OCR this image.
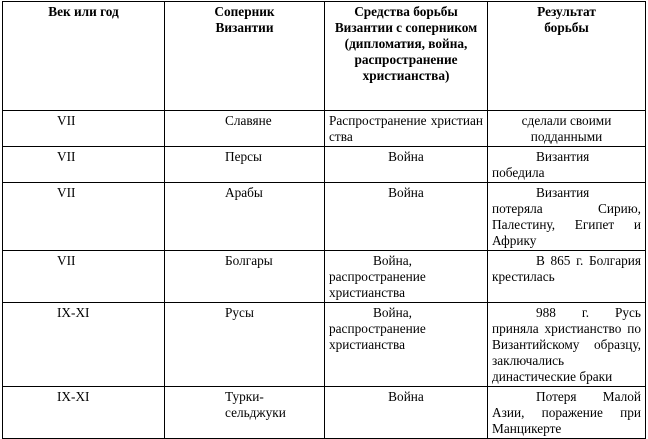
Век или год	Соперник Византии	Средства борьбы Византии с соперником (дипломатия, война, распространение христианства)	Результат борьбы
VII	Славяне	Распространение христианства	сделали своими подданными
VII	Персы	Война	Византия победила
VII	Арабы	Война	Византия потеряла Сирию, Палестину, Египет и Африку
VII	Болгары	Война, распространение христианства	В 865 г. Болгария крестилась
IX-XI	Русы	Война, распространение христианства	988 г. Русь приняла христианство по Византийскому образцу, заключались династические браки
IX-XI	Турки-сельджуки	Война	Потеря Малой Азии, поражение при Манцикерте
